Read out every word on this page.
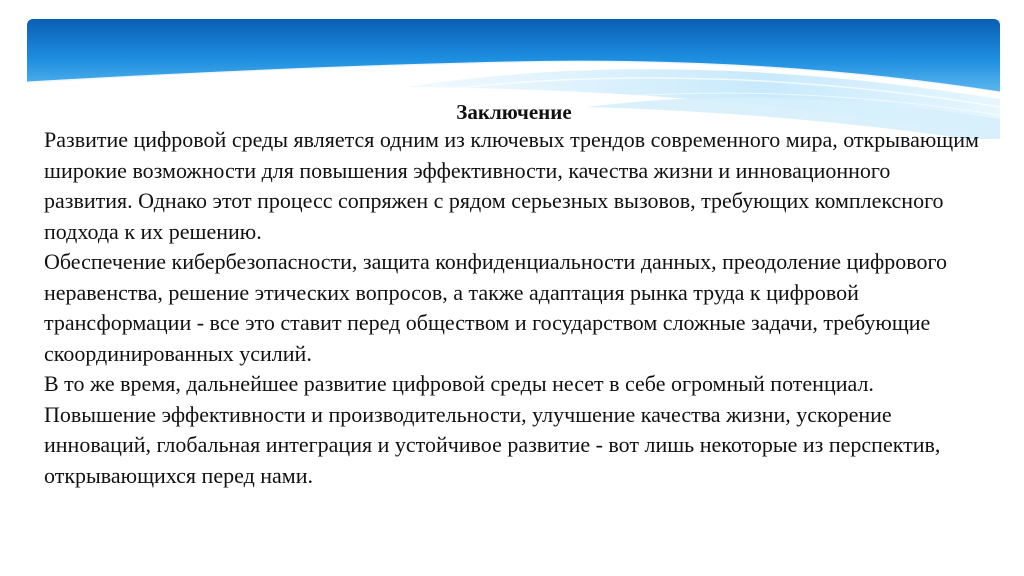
Заключение

Развитие цифровой среды является одним из ключевых трендов современного мира, открывающим широкие возможности для повышения эффективности, качества жизни и инновационного развития. Однако этот процесс сопряжен с рядом серьезных вызовов, требующих комплексного подхода к их решению.

Обеспечение кибербезопасности, защита конфиденциальности данных, преодоление цифрового неравенства, решение этических вопросов, а также адаптация рынка труда к цифровой трансформации - все это ставит перед обществом и государством сложные задачи, требующие скоординированных усилий.

В то же время, дальнейшее развитие цифровой среды несет в себе огромный потенциал. Повышение эффективности и производительности, улучшение качества жизни, ускорение инноваций, глобальная интеграция и устойчивое развитие - вот лишь некоторые из перспектив, открывающихся перед нами.
